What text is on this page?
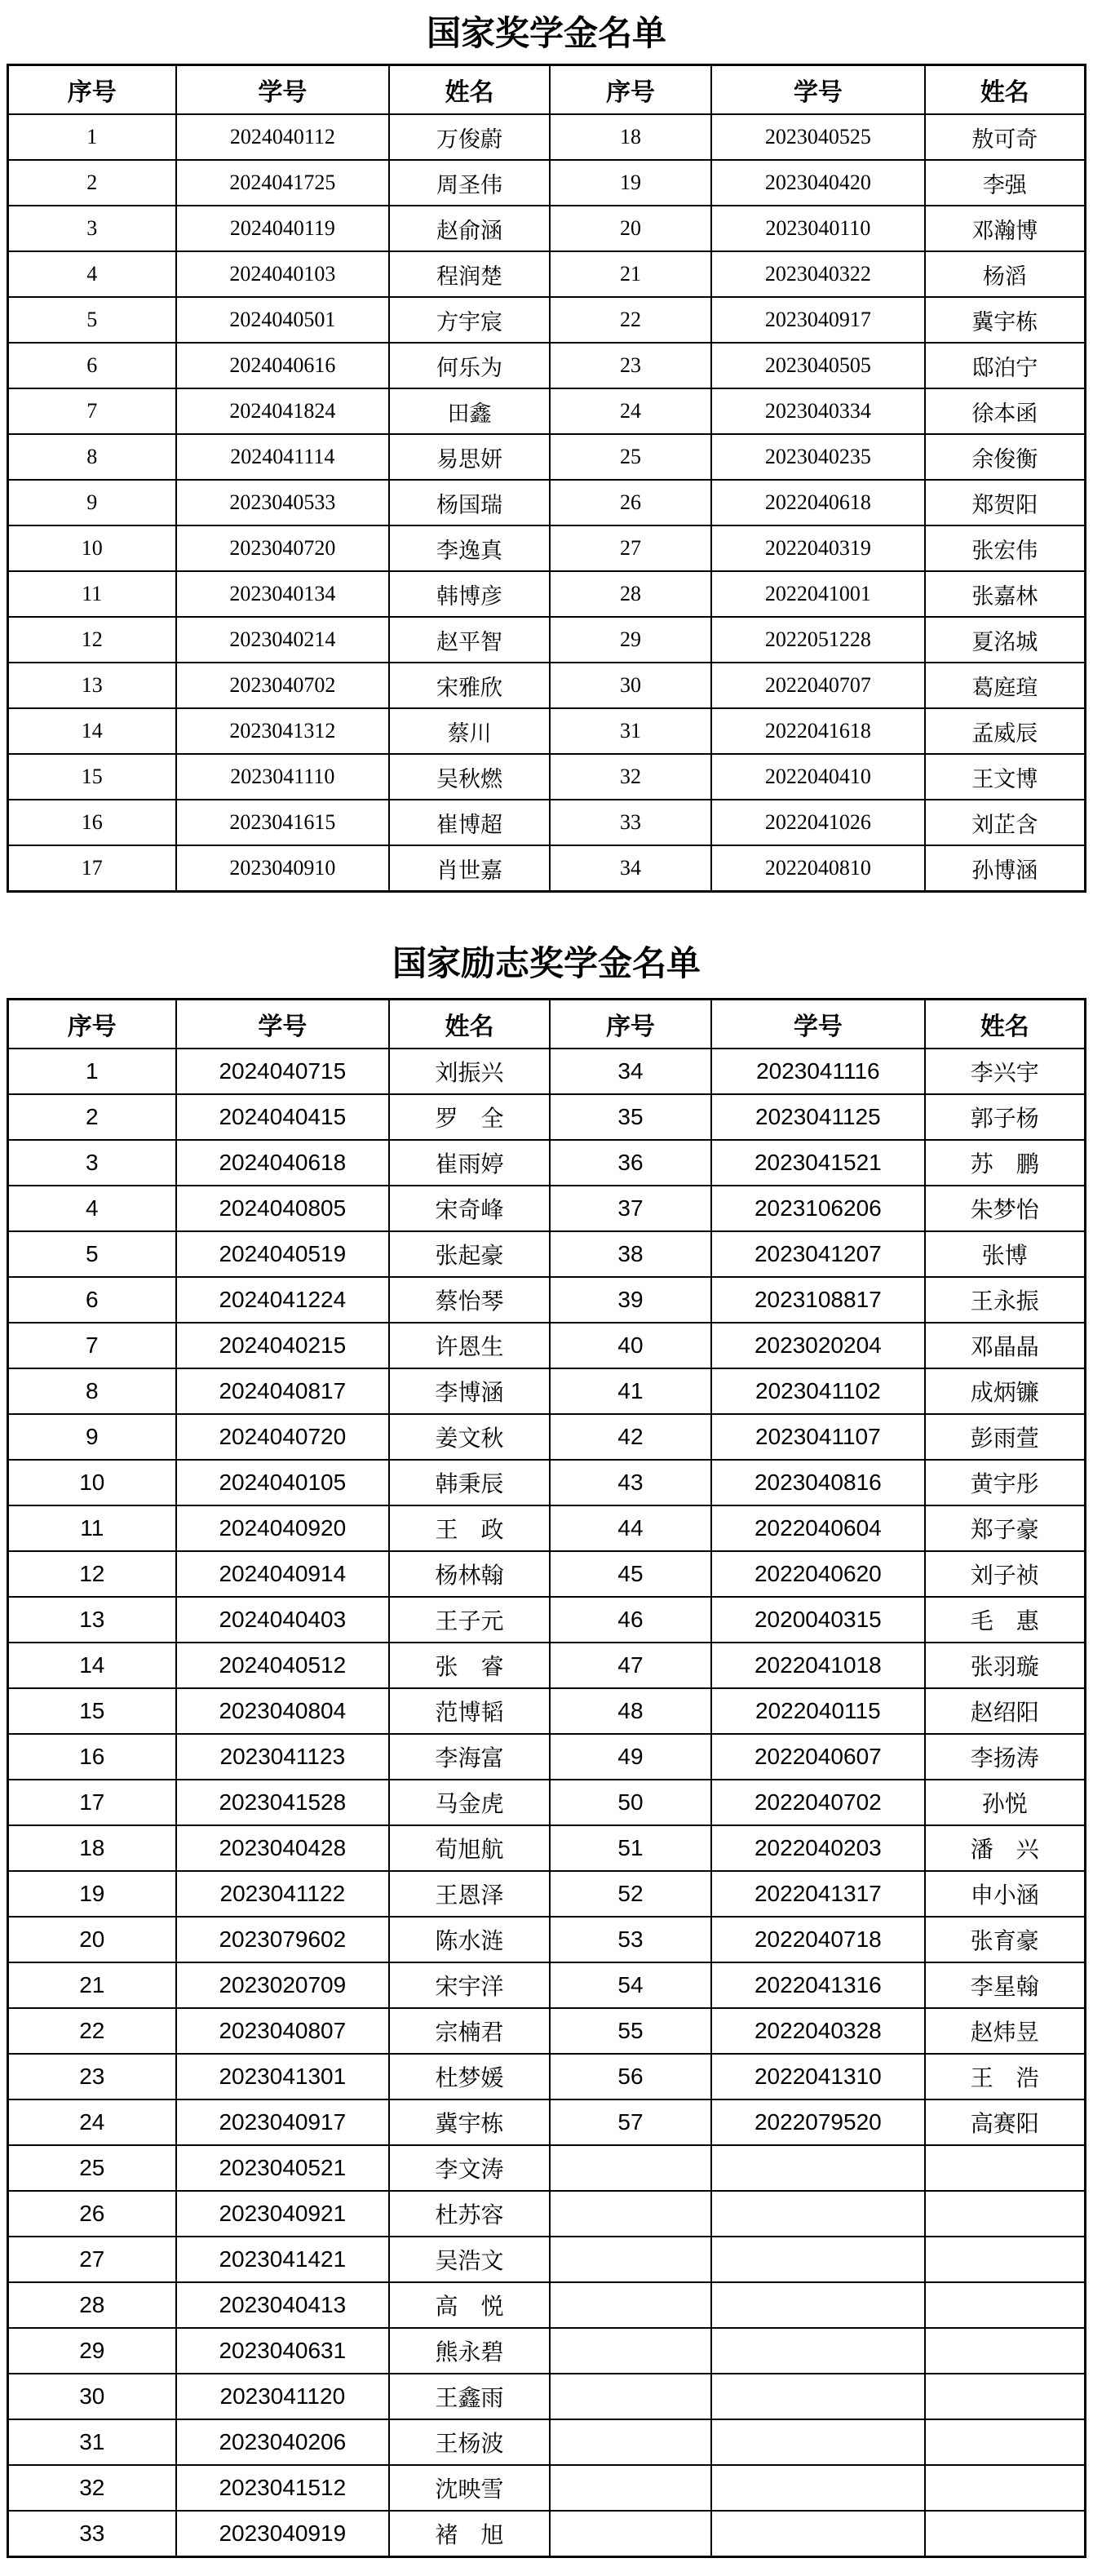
国家奖学金名单
序号	学号	姓名	序号	学号	姓名
1	2024040112	万俊蔚	18	2023040525	敖可奇
2	2024041725	周圣伟	19	2023040420	李强
3	2024040119	赵俞涵	20	2023040110	邓瀚博
4	2024040103	程润楚	21	2023040322	杨滔
5	2024040501	方宇宸	22	2023040917	冀宇栋
6	2024040616	何乐为	23	2023040505	邸泊宁
7	2024041824	田鑫	24	2023040334	徐本函
8	2024041114	易思妍	25	2023040235	余俊衡
9	2023040533	杨国瑞	26	2022040618	郑贺阳
10	2023040720	李逸真	27	2022040319	张宏伟
11	2023040134	韩博彦	28	2022041001	张嘉林
12	2023040214	赵平智	29	2022051228	夏洺城
13	2023040702	宋雅欣	30	2022040707	葛庭瑄
14	2023041312	蔡川	31	2022041618	孟威辰
15	2023041110	吴秋燃	32	2022040410	王文博
16	2023041615	崔博超	33	2022041026	刘芷含
17	2023040910	肖世嘉	34	2022040810	孙博涵
国家励志奖学金名单
序号	学号	姓名	序号	学号	姓名
1	2024040715	刘振兴	34	2023041116	李兴宇
2	2024040415	罗　全	35	2023041125	郭子杨
3	2024040618	崔雨婷	36	2023041521	苏　鹏
4	2024040805	宋奇峰	37	2023106206	朱梦怡
5	2024040519	张起豪	38	2023041207	张博
6	2024041224	蔡怡琴	39	2023108817	王永振
7	2024040215	许恩生	40	2023020204	邓晶晶
8	2024040817	李博涵	41	2023041102	成炳镰
9	2024040720	姜文秋	42	2023041107	彭雨萱
10	2024040105	韩秉辰	43	2023040816	黄宇彤
11	2024040920	王　政	44	2022040604	郑子豪
12	2024040914	杨林翰	45	2022040620	刘子祯
13	2024040403	王子元	46	2020040315	毛　惠
14	2024040512	张　睿	47	2022041018	张羽璇
15	2023040804	范博韬	48	2022040115	赵绍阳
16	2023041123	李海富	49	2022040607	李扬涛
17	2023041528	马金虎	50	2022040702	孙悦
18	2023040428	荀旭航	51	2022040203	潘　兴
19	2023041122	王恩泽	52	2022041317	申小涵
20	2023079602	陈水涟	53	2022040718	张育豪
21	2023020709	宋宇洋	54	2022041316	李星翰
22	2023040807	宗楠君	55	2022040328	赵炜昱
23	2023041301	杜梦媛	56	2022041310	王　浩
24	2023040917	冀宇栋	57	2022079520	高赛阳
25	2023040521	李文涛			
26	2023040921	杜苏容			
27	2023041421	吴浩文			
28	2023040413	高　悦			
29	2023040631	熊永碧			
30	2023041120	王鑫雨			
31	2023040206	王杨波			
32	2023041512	沈映雪			
33	2023040919	褚　旭			
